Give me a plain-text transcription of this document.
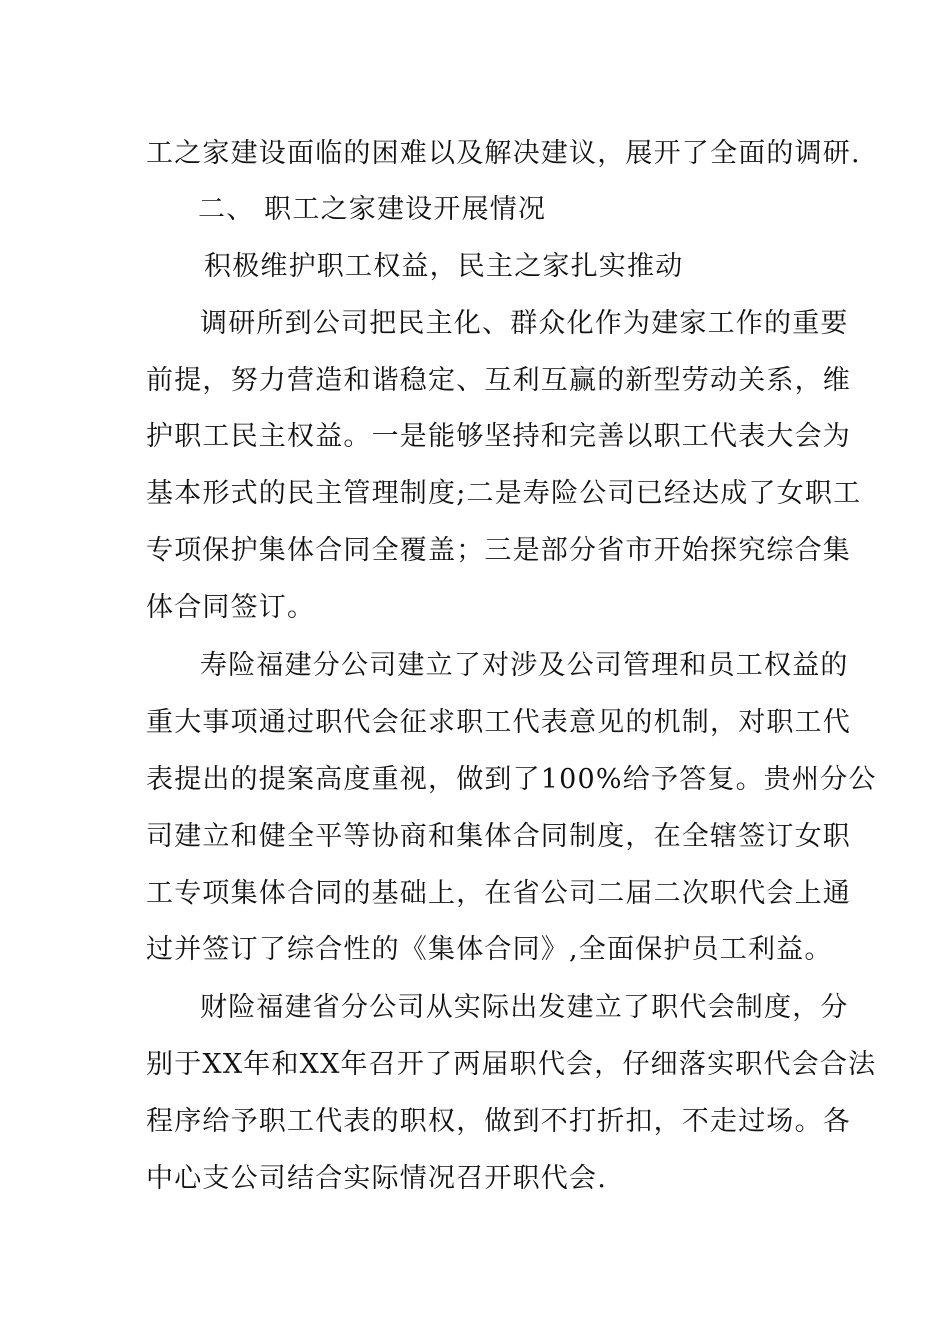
工之家建设面临的困难以及解决建议，展开了全面的调研.

二、 职工之家建设开展情况

积极维护职工权益，民主之家扎实推动

调研所到公司把民主化、群众化作为建家工作的重要

前提，努力营造和谐稳定、互利互赢的新型劳动关系，维

护职工民主权益。一是能够坚持和完善以职工代表大会为

基本形式的民主管理制度;二是寿险公司已经达成了女职工

专项保护集体合同全覆盖；三是部分省市开始探究综合集

体合同签订。

寿险福建分公司建立了对涉及公司管理和员工权益的

重大事项通过职代会征求职工代表意见的机制，对职工代

表提出的提案高度重视，做到了100%给予答复。贵州分公

司建立和健全平等协商和集体合同制度，在全辖签订女职

工专项集体合同的基础上，在省公司二届二次职代会上通

过并签订了综合性的《集体合同》,全面保护员工利益。

财险福建省分公司从实际出发建立了职代会制度，分

别于XX年和XX年召开了两届职代会，仔细落实职代会合法

程序给予职工代表的职权，做到不打折扣，不走过场。各

中心支公司结合实际情况召开职代会.
